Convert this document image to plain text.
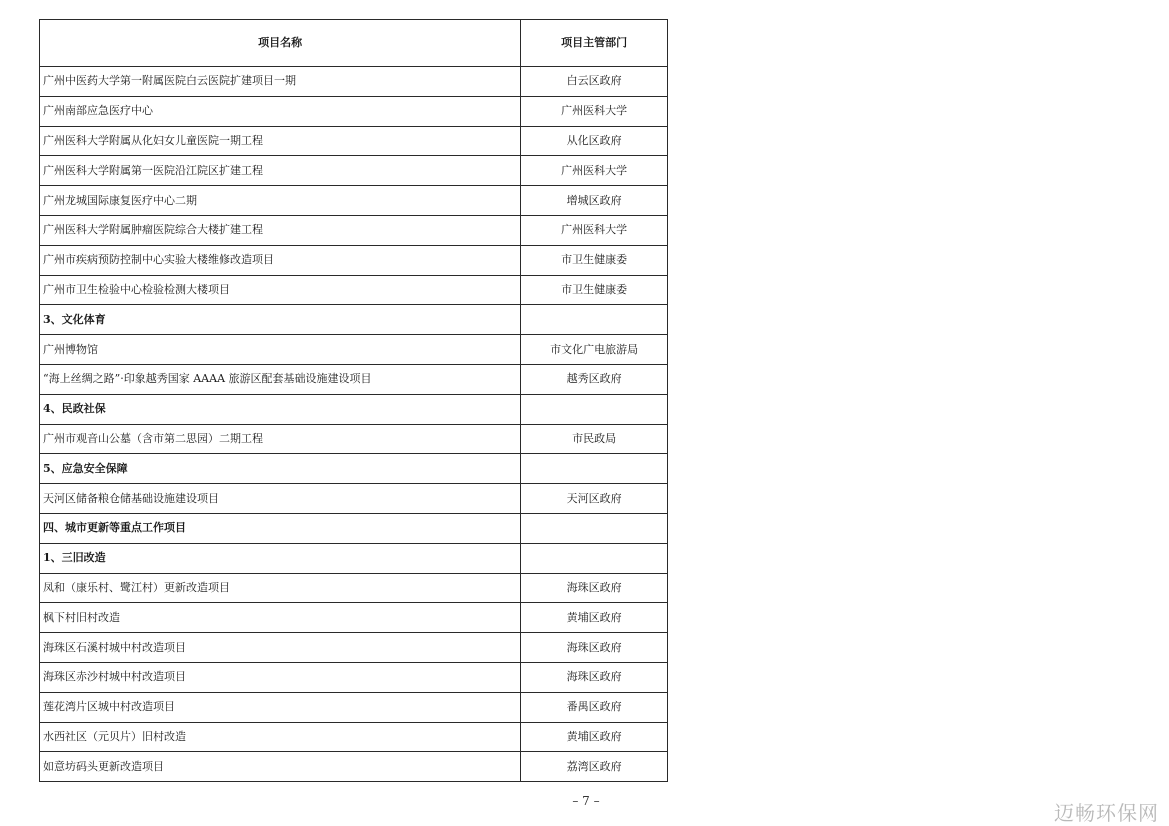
项目名称	项目主管部门
广州中医药大学第一附属医院白云医院扩建项目一期	白云区政府
广州南部应急医疗中心	广州医科大学
广州医科大学附属从化妇女儿童医院一期工程	从化区政府
广州医科大学附属第一医院沿江院区扩建工程	广州医科大学
广州龙城国际康复医疗中心二期	增城区政府
广州医科大学附属肿瘤医院综合大楼扩建工程	广州医科大学
广州市疾病预防控制中心实验大楼维修改造项目	市卫生健康委
广州市卫生检验中心检验检测大楼项目	市卫生健康委
3、文化体育	
广州博物馆	市文化广电旅游局
“海上丝绸之路”·印象越秀国家 AAAA 旅游区配套基础设施建设项目	越秀区政府
4、民政社保	
广州市观音山公墓（含市第二思园）二期工程	市民政局
5、应急安全保障	
天河区储备粮仓储基础设施建设项目	天河区政府
四、城市更新等重点工作项目	
1、三旧改造	
凤和（康乐村、鹭江村）更新改造项目	海珠区政府
枫下村旧村改造	黄埔区政府
海珠区石溪村城中村改造项目	海珠区政府
海珠区赤沙村城中村改造项目	海珠区政府
莲花湾片区城中村改造项目	番禺区政府
水西社区（元贝片）旧村改造	黄埔区政府
如意坊码头更新改造项目	荔湾区政府
– 7 –	迈畅环保网
